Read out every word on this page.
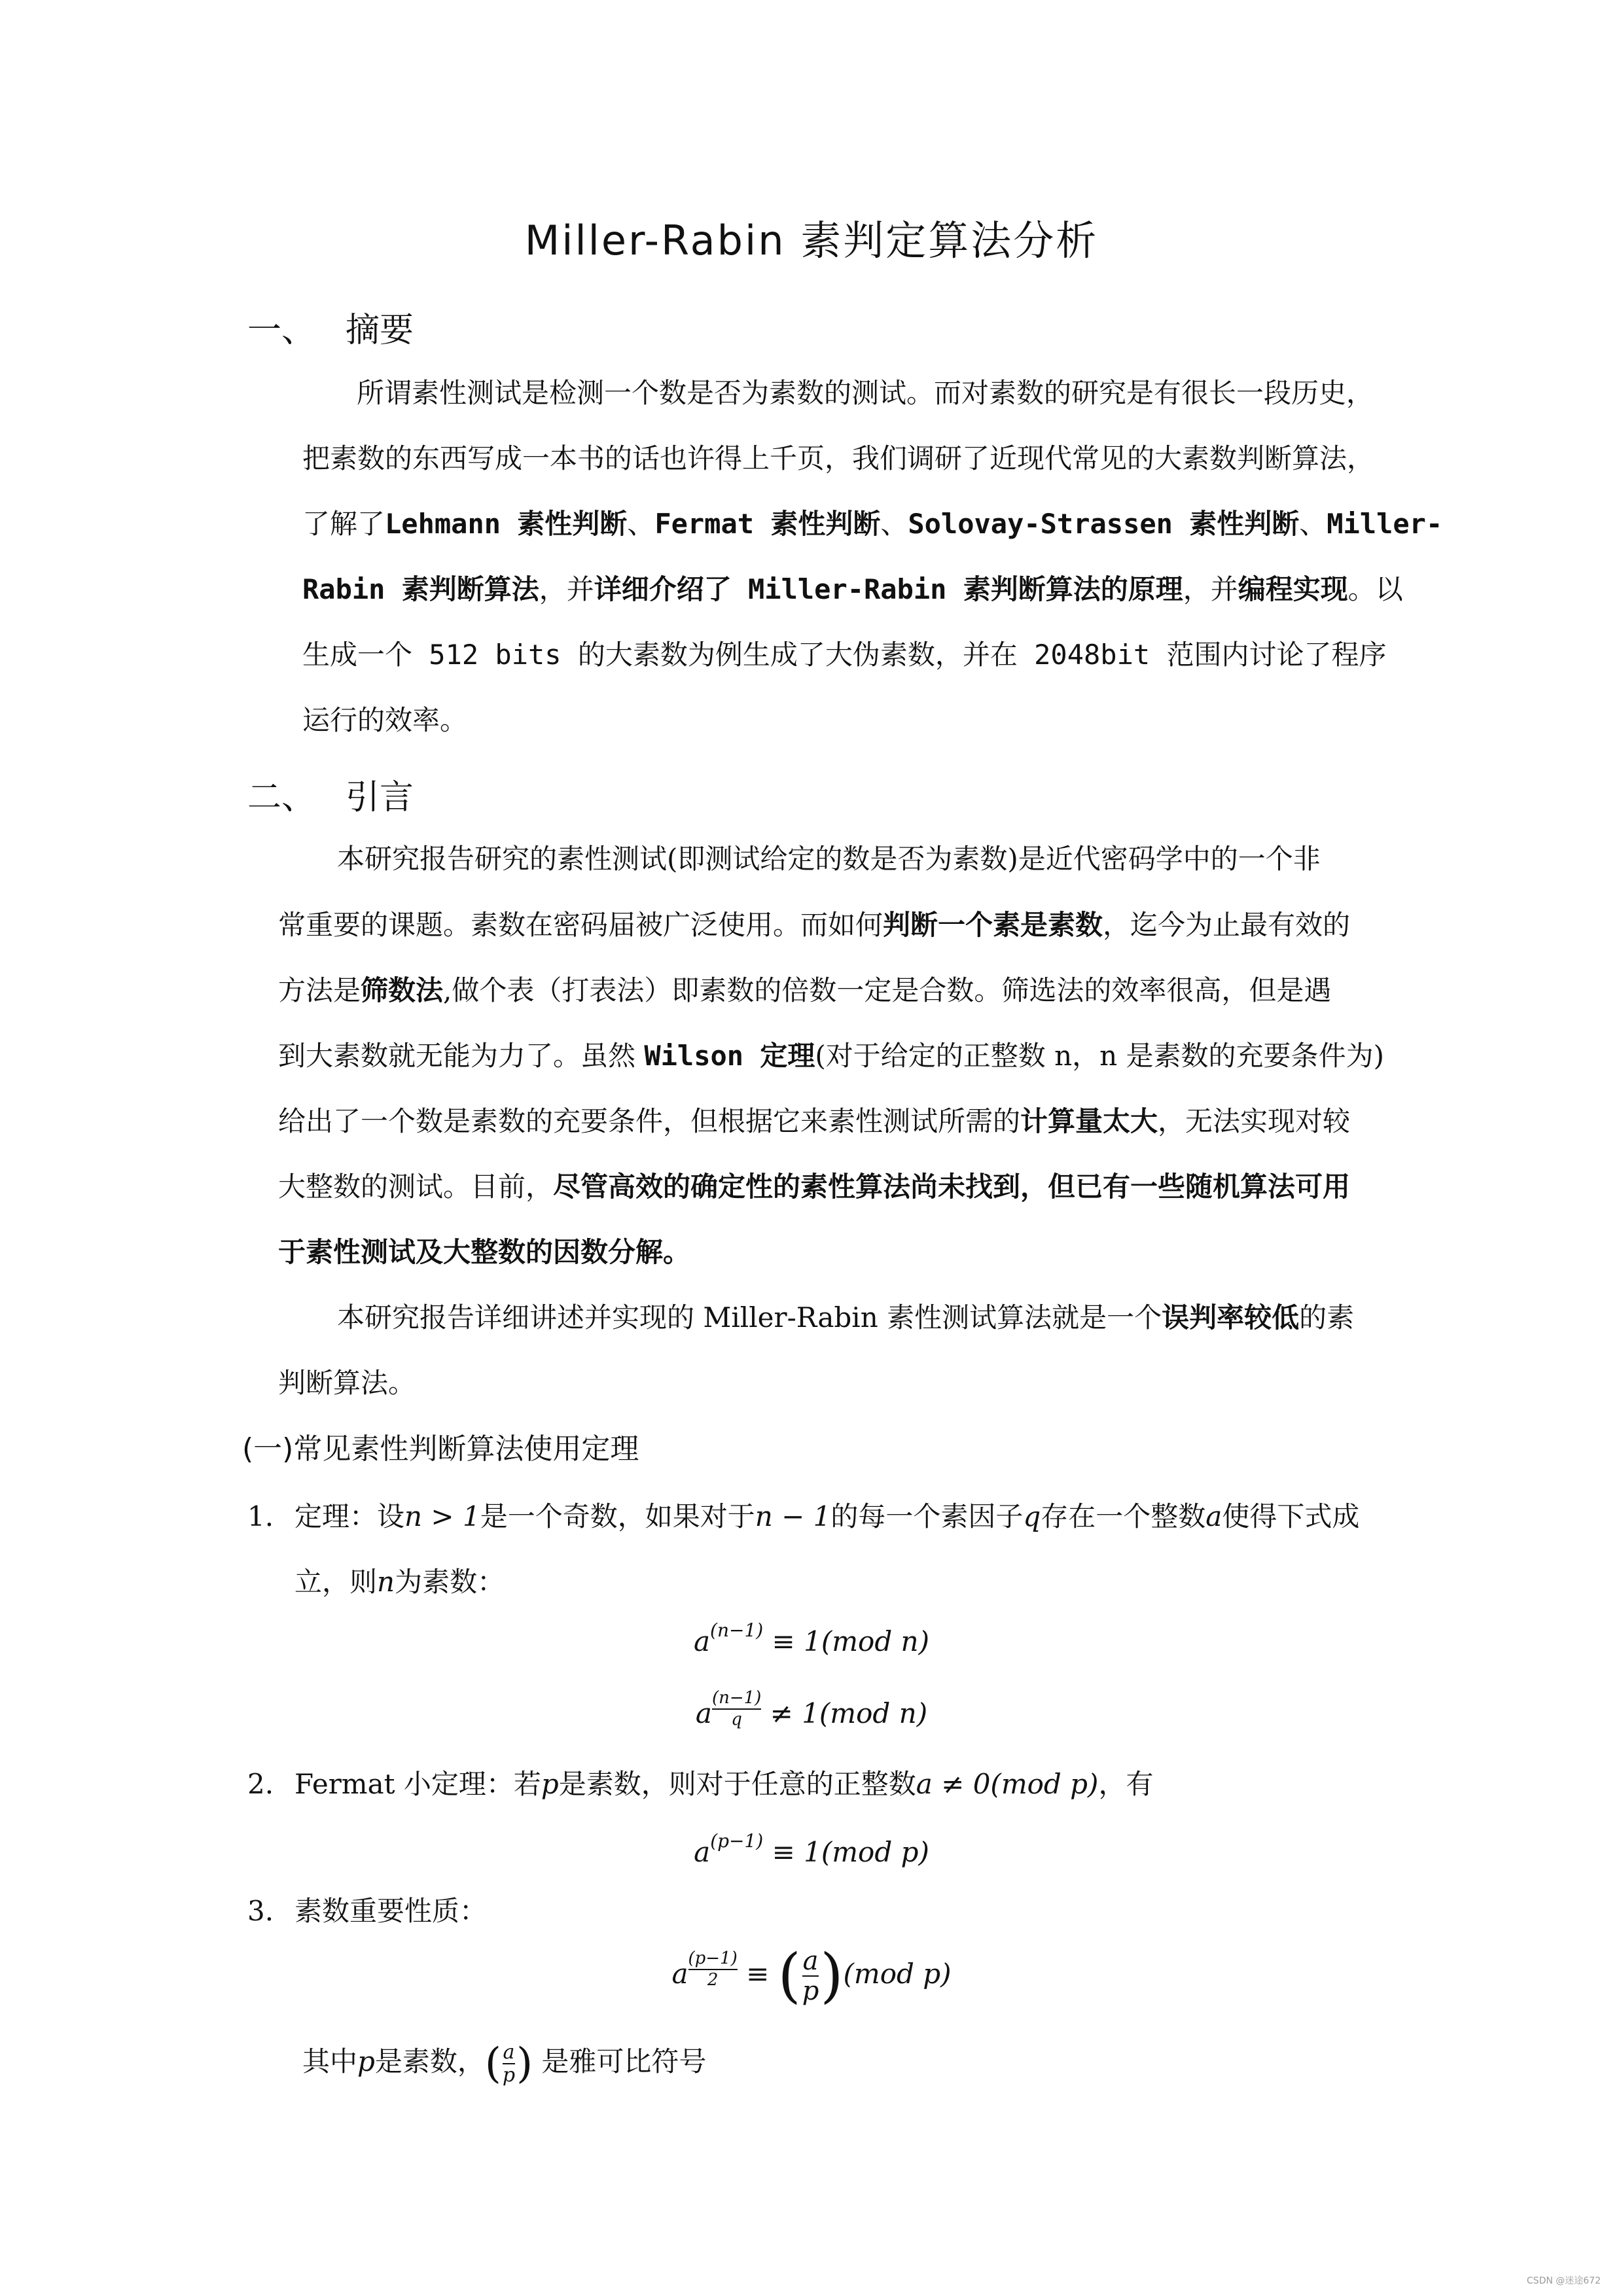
Miller-Rabin 素判定算法分析
一、 摘要
所谓素性测试是检测一个数是否为素数的测试。而对素数的研究是有很长一段历史，
把素数的东西写成一本书的话也许得上千页，我们调研了近现代常见的大素数判断算法，
了解了Lehmann 素性判断、Fermat 素性判断、Solovay-Strassen 素性判断、Miller-
Rabin 素判断算法，并详细介绍了 Miller-Rabin 素判断算法的原理，并编程实现。以
生成一个 512 bits 的大素数为例生成了大伪素数，并在 2048bit 范围内讨论了程序
运行的效率。
二、 引言
本研究报告研究的素性测试(即测试给定的数是否为素数)是近代密码学中的一个非
常重要的课题。素数在密码届被广泛使用。而如何判断一个素是素数，迄今为止最有效的
方法是筛数法,做个表（打表法）即素数的倍数一定是合数。筛选法的效率很高，但是遇
到大素数就无能为力了。虽然 Wilson 定理(对于给定的正整数 n，n 是素数的充要条件为)
给出了一个数是素数的充要条件，但根据它来素性测试所需的计算量太大，无法实现对较
大整数的测试。目前，尽管高效的确定性的素性算法尚未找到，但已有一些随机算法可用
于素性测试及大整数的因数分解。
本研究报告详细讲述并实现的 Miller-Rabin 素性测试算法就是一个误判率较低的素
判断算法。
(一)常见素性判断算法使用定理
1. 定理：设n > 1是一个奇数，如果对于n − 1的每一个素因子q存在一个整数a使得下式成
立，则n为素数：
$a^{(n-1)} \equiv 1(mod$ n)
a $\frac{(n-1)}{q} \ne 1(mod$ n)
2. Fermat 小定理：若p是素数，则对于任意的正整数a ≠ 0(mod p)，有
$a^{(p-1)} \equiv 1(mod$ p)
3. 素数重要性质：
a $\frac{(p-1)}{2}$ ≡ ( a
p ) (mod p)
其中p是素数， ( a
p ) 是雅可比符号
CSDN @迷途672
